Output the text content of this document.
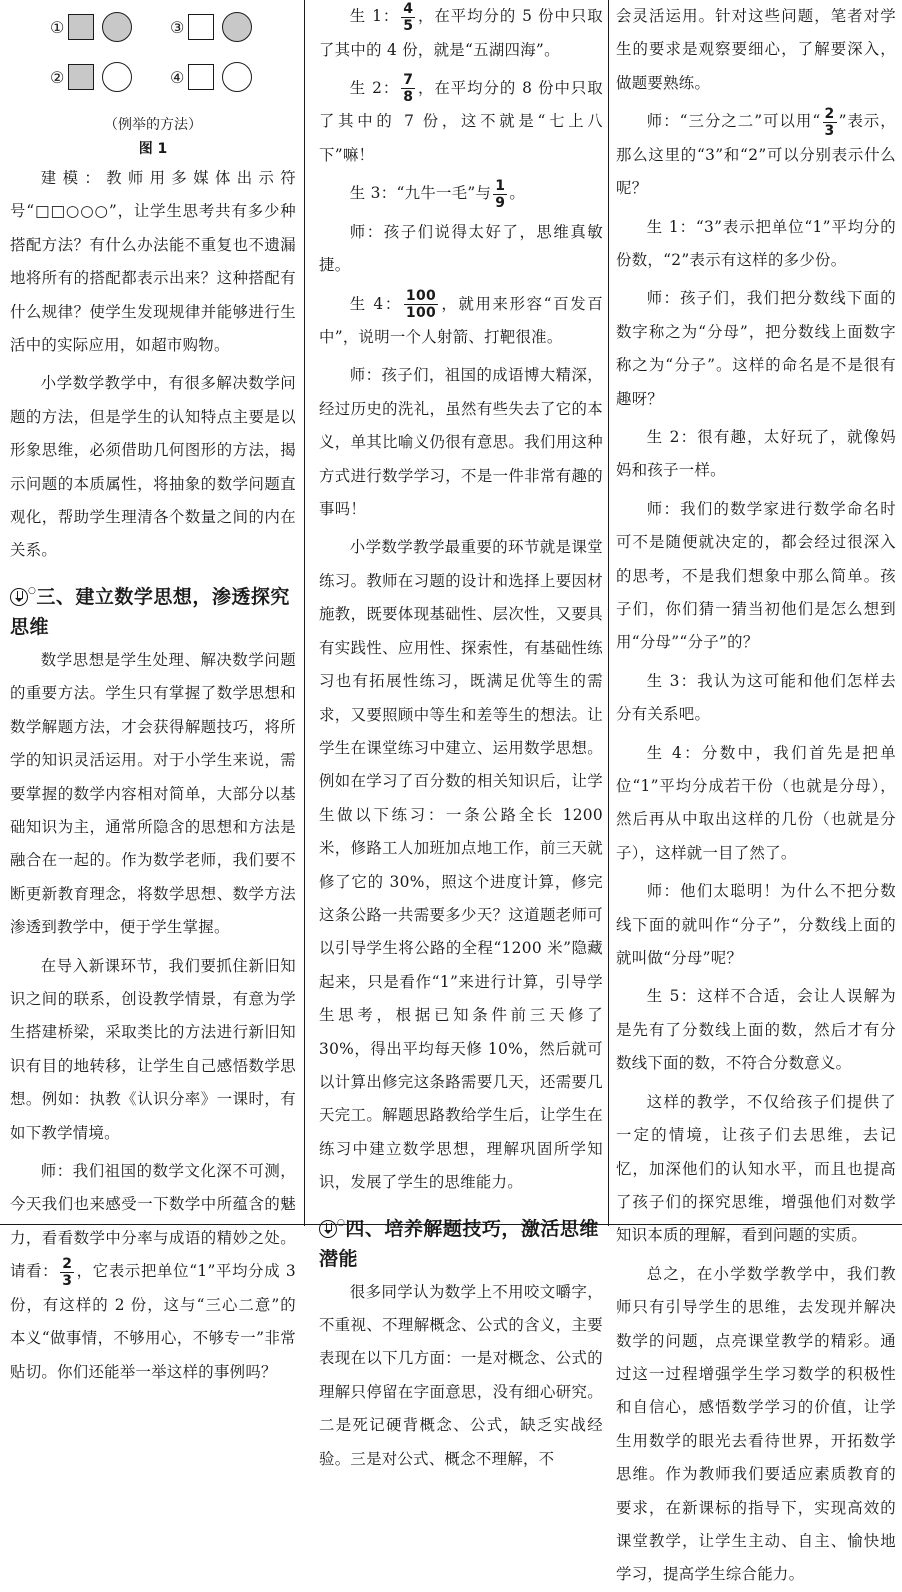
①	③
②	④
（例举的方法）
图 1

建模：教师用多媒体出示符号“□□○○○”，让学生思考共有多少种搭配方法？有什么办法能不重复也不遗漏地将所有的搭配都表示出来？这种搭配有什么规律？使学生发现规律并能够进行生活中的实际应用，如超市购物。

小学数学教学中，有很多解决数学问题的方法，但是学生的认知特点主要是以形象思维，必须借助几何图形的方法，揭示问题的本质属性，将抽象的数学问题直观化，帮助学生理清各个数量之间的内在关系。

○三、建立数学思想，渗透探究思维

数学思想是学生处理、解决数学问题的重要方法。学生只有掌握了数学思想和数学解题方法，才会获得解题技巧，将所学的知识灵活运用。对于小学生来说，需要掌握的数学内容相对简单，大部分以基础知识为主，通常所隐含的思想和方法是融合在一起的。作为数学老师，我们要不断更新教育理念，将数学思想、数学方法渗透到教学中，便于学生掌握。

在导入新课环节，我们要抓住新旧知识之间的联系，创设教学情景，有意为学生搭建桥梁，采取类比的方法进行新旧知识有目的地转移，让学生自己感悟数学思想。例如：执教《认识分率》一课时，有如下教学情境。

师：我们祖国的数学文化深不可测，今天我们也来感受一下数学中所蕴含的魅力，看看数学中分率与成语的精妙之处。请看： $\frac{2}{3}$ ，它表示把单位“1”平均分成 3 份，有这样的 2 份，这与“三心二意”的本义“做事情，不够用心，不够专一”非常贴切。你们还能举一举这样的事例吗？

生 1： $\frac{4}{5}$ ，在平均分的 5 份中只取了其中的 4 份，就是“五湖四海”。

生 2： $\frac{7}{8}$ ，在平均分的 8 份中只取了其中的 7 份，这不就是“七上八下”嘛！

生 3：“九牛一毛”与 $\frac{1}{9}$ 。

师：孩子们说得太好了，思维真敏捷。

生 4： $\frac{100}{100}$ ，就用来形容“百发百中”，说明一个人射箭、打靶很准。

师：孩子们，祖国的成语博大精深，经过历史的洗礼，虽然有些失去了它的本义，单其比喻义仍很有意思。我们用这种方式进行数学学习，不是一件非常有趣的事吗！

小学数学教学最重要的环节就是课堂练习。教师在习题的设计和选择上要因材施教，既要体现基础性、层次性，又要具有实践性、应用性、探索性，有基础性练习也有拓展性练习，既满足优等生的需求，又要照顾中等生和差等生的想法。让学生在课堂练习中建立、运用数学思想。例如在学习了百分数的相关知识后，让学生做以下练习：一条公路全长 1200 米，修路工人加班加点地工作，前三天就修了它的 30%，照这个进度计算，修完这条公路一共需要多少天？这道题老师可以引导学生将公路的全程“1200 米”隐藏起来，只是看作“1”来进行计算，引导学生思考，根据已知条件前三天修了 30%，得出平均每天修 10%，然后就可以计算出修完这条路需要几天，还需要几天完工。解题思路教给学生后，让学生在练习中建立数学思想，理解巩固所学知识，发展了学生的思维能力。

○四、培养解题技巧，激活思维潜能

很多同学认为数学上不用咬文嚼字，不重视、不理解概念、公式的含义，主要表现在以下几方面：一是对概念、公式的理解只停留在字面意思，没有细心研究。二是死记硬背概念、公式，缺乏实战经验。三是对公式、概念不理解，不

会灵活运用。针对这些问题，笔者对学生的要求是观察要细心，了解要深入，做题要熟练。

师：“三分之二”可以用“ $\frac{2}{3}$ ”表示，那么这里的“3”和“2”可以分别表示什么呢？

生 1：“3”表示把单位“1”平均分的份数，“2”表示有这样的多少份。

师：孩子们，我们把分数线下面的数字称之为“分母”，把分数线上面数字称之为“分子”。这样的命名是不是很有趣呀？

生 2：很有趣，太好玩了，就像妈妈和孩子一样。

师：我们的数学家进行数学命名时可不是随便就决定的，都会经过很深入的思考，不是我们想象中那么简单。孩子们，你们猜一猜当初他们是怎么想到用“分母”“分子”的？

生 3：我认为这可能和他们怎样去分有关系吧。

生 4：分数中，我们首先是把单位“1”平均分成若干份（也就是分母），然后再从中取出这样的几份（也就是分子），这样就一目了然了。

师：他们太聪明！为什么不把分数线下面的就叫作“分子”，分数线上面的就叫做“分母”呢？

生 5：这样不合适，会让人误解为是先有了分数线上面的数，然后才有分数线下面的数，不符合分数意义。

这样的教学，不仅给孩子们提供了一定的情境，让孩子们去思维，去记忆，加深他们的认知水平，而且也提高了孩子们的探究思维，增强他们对数学知识本质的理解，看到问题的实质。

总之，在小学数学教学中，我们教师只有引导学生的思维，去发现并解决数学的问题，点亮课堂教学的精彩。通过这一过程增强学生学习数学的积极性和自信心，感悟数学学习的价值，让学生用数学的眼光去看待世界，开拓数学思维。作为教师我们要适应素质教育的要求，在新课标的指导下，实现高效的课堂教学，让学生主动、自主、愉快地学习，提高学生综合能力。
